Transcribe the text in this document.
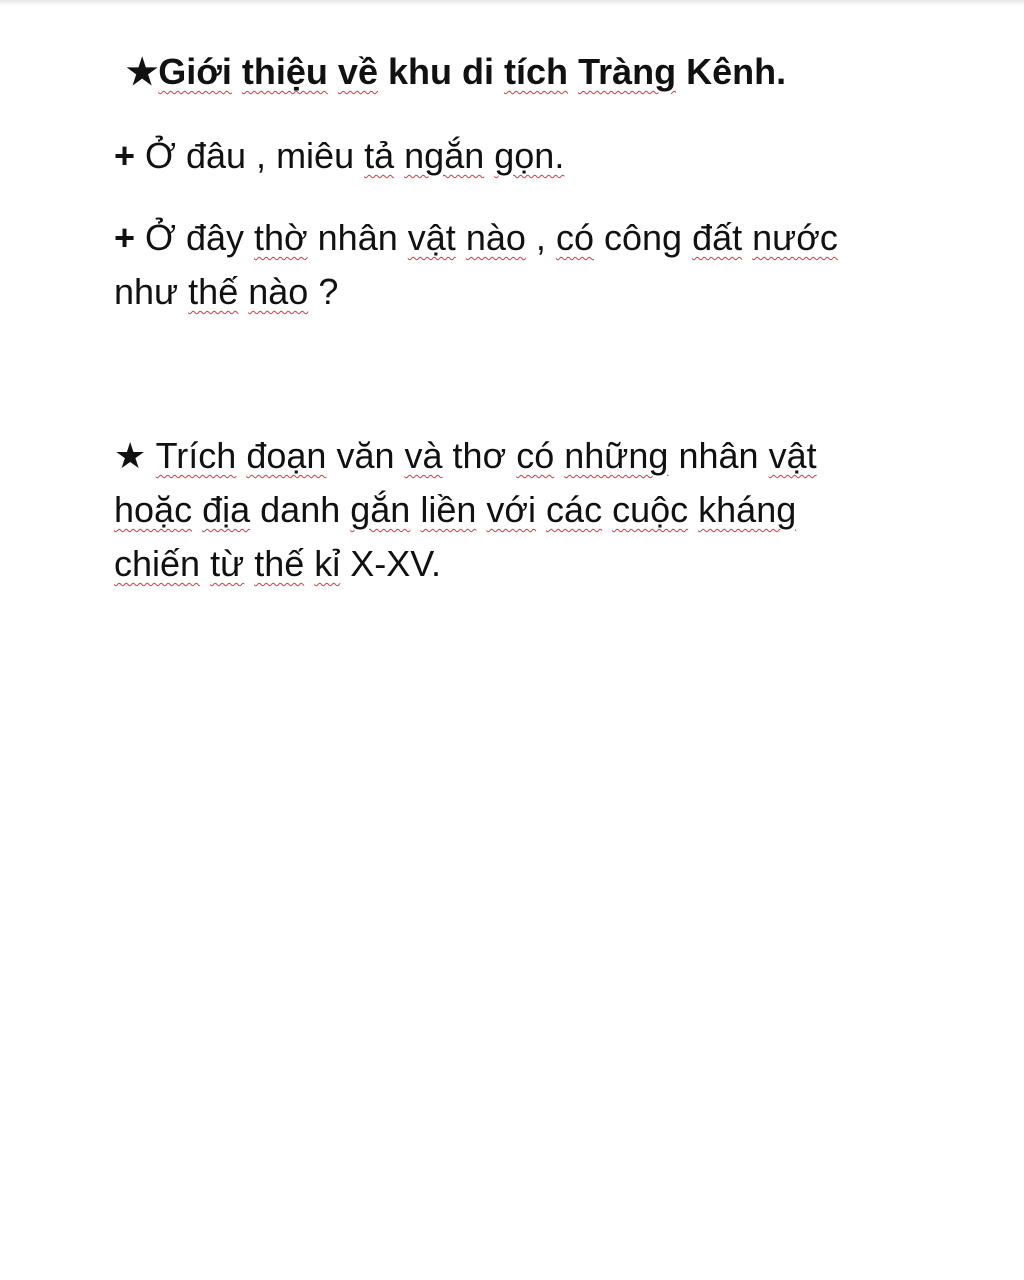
★Giới thiệu về khu di tích Tràng Kênh.
+ Ở đâu , miêu tả ngắn gọn.
+ Ở đây thờ nhân vật nào , có công đất nước
như thế nào ?
★ Trích đoạn văn và thơ có những nhân vật
hoặc địa danh gắn liền với các cuộc kháng
chiến từ thế kỉ X-XV.
